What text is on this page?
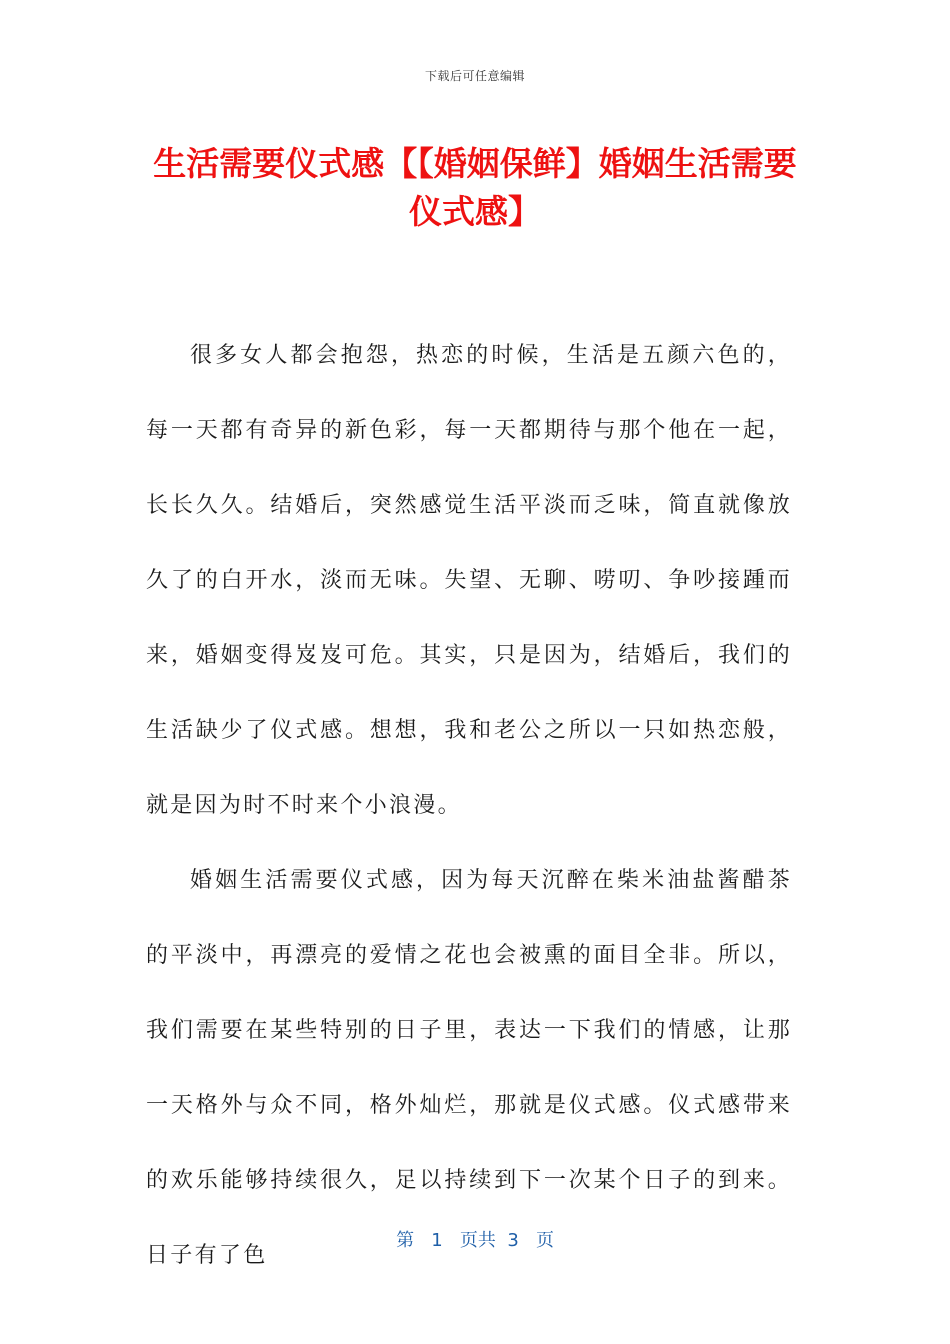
下载后可任意编辑
生活需要仪式感【【婚姻保鲜】婚姻生活需要仪式感】

很多女人都会抱怨，热恋的时候，生活是五颜六色的，每一天都有奇异的新色彩，每一天都期待与那个他在一起，长长久久。结婚后，突然感觉生活平淡而乏味，简直就像放久了的白开水，淡而无味。失望、无聊、唠叨、争吵接踵而来，婚姻变得岌岌可危。其实，只是因为，结婚后，我们的生活缺少了仪式感。想想，我和老公之所以一只如热恋般，就是因为时不时来个小浪漫。

婚姻生活需要仪式感，因为每天沉醉在柴米油盐酱醋茶的平淡中，再漂亮的爱情之花也会被熏的面目全非。所以，我们需要在某些特别的日子里，表达一下我们的情感，让那一天格外与众不同，格外灿烂，那就是仪式感。仪式感带来的欢乐能够持续很久，足以持续到下一次某个日子的到来。日子有了色

第 1 页共 3 页
